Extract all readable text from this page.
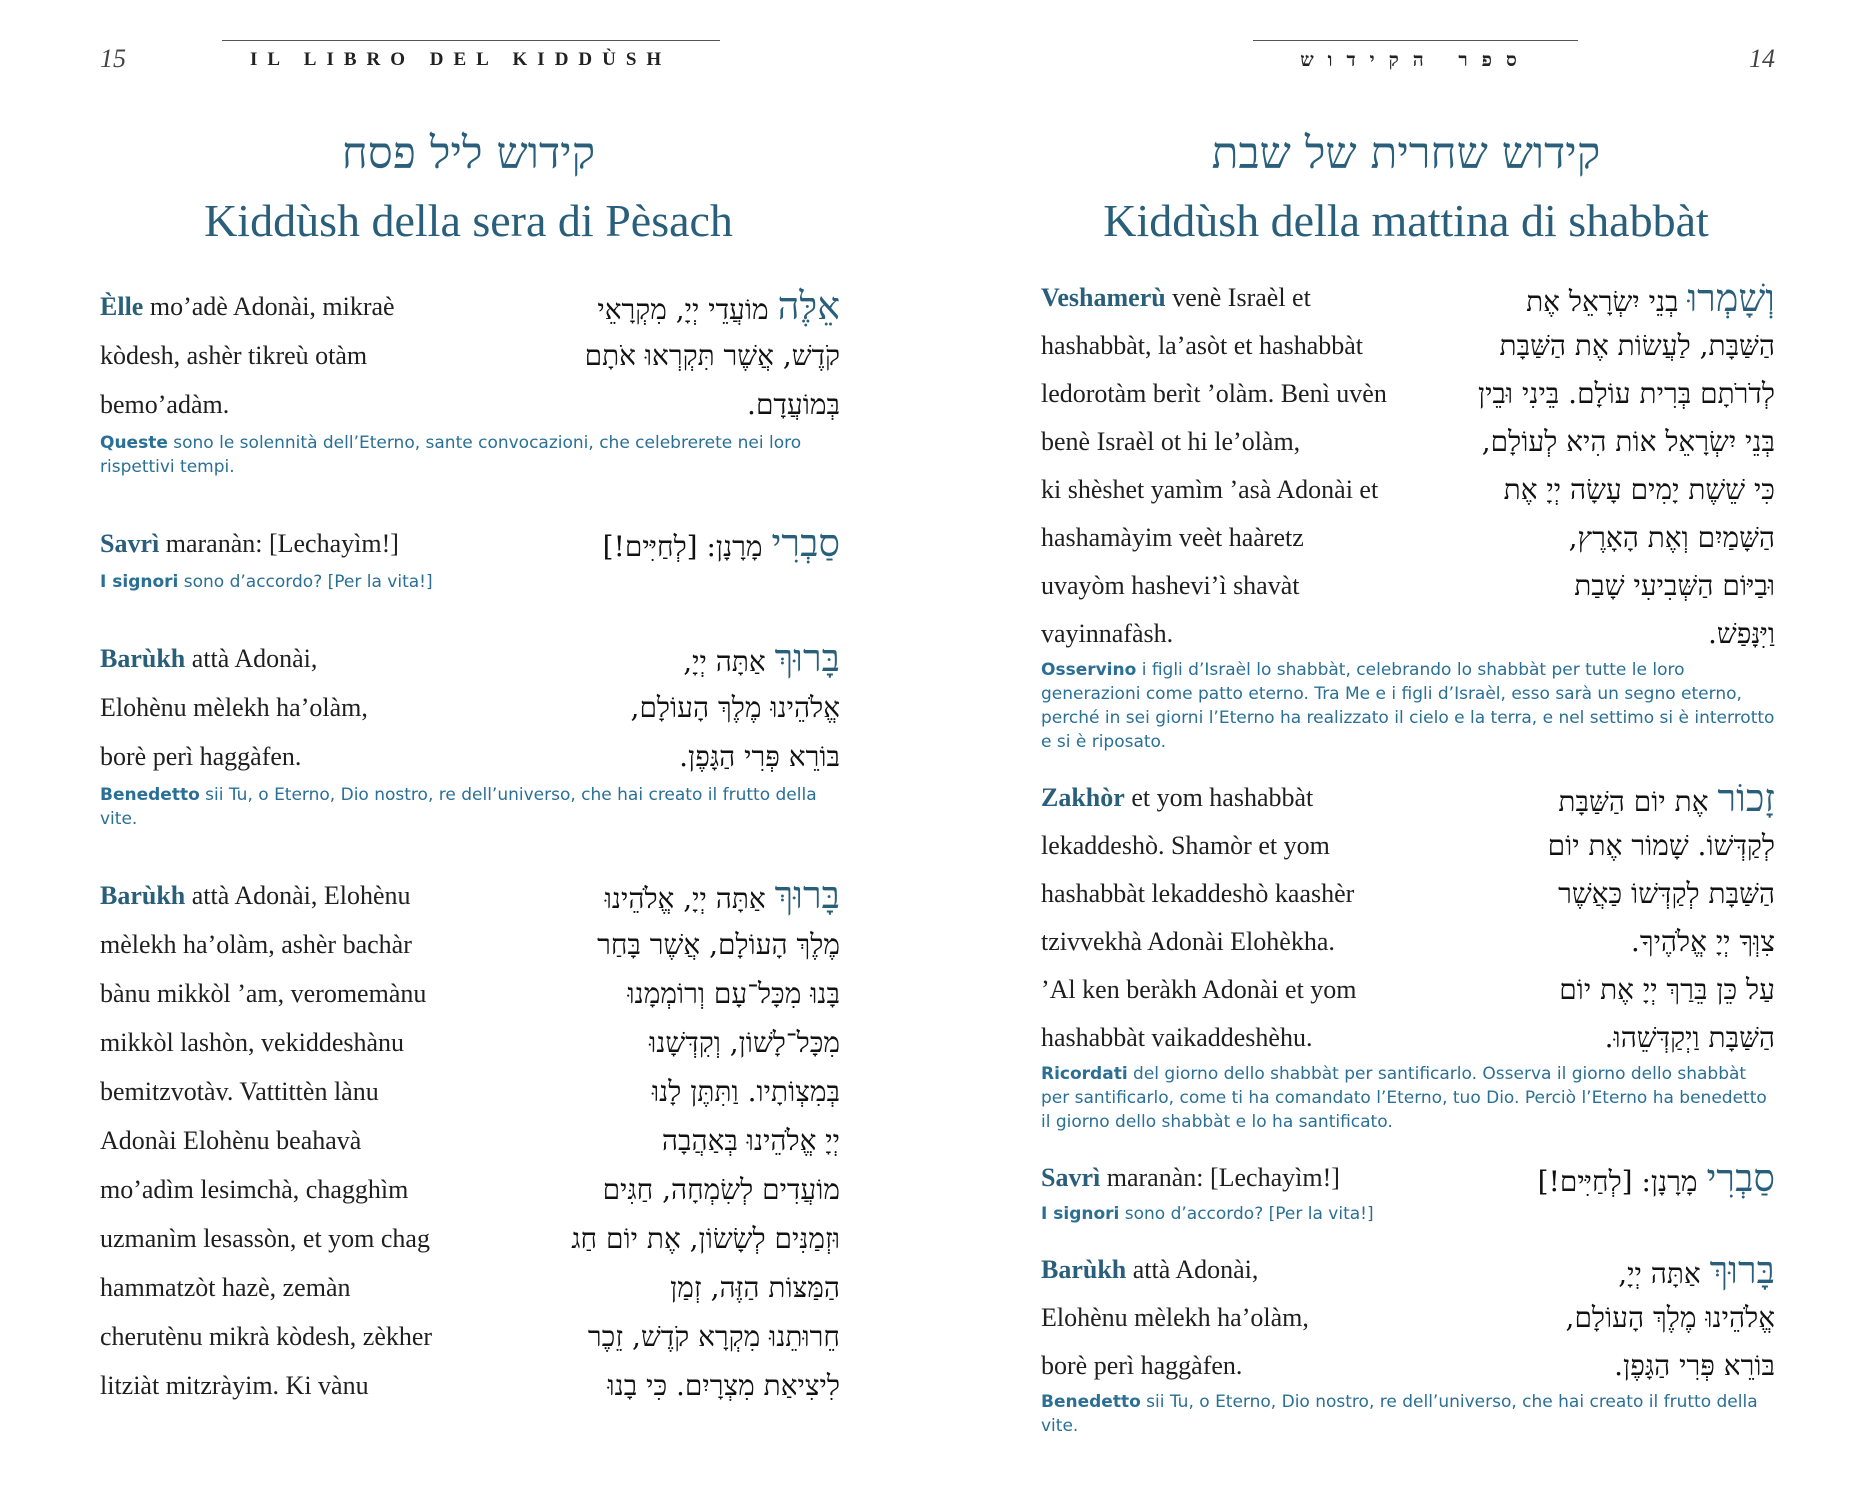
15	IL LIBRO DEL KIDDÙSH
קידוש ליל פסח
Kiddùsh della sera di Pèsach
Èlle mo’adè Adonài, mikraè	אֵלֶּה מוֹעֲדֵי יְיָ, מִקְרָאֵי
kòdesh, ashèr tikreù otàm	קֹדֶשׁ, אֲשֶׁר תִּקְרְאוּ אֹתָם
bemo’adàm.	בְּמוֹעֲדָם.
Queste sono le solennità dell’Eterno, sante convocazioni, che celebrerete nei loro rispettivi tempi.
Savrì maranàn: [Lechayìm!]	סַבְרִי מָרָנָן: [לְחַיִּים!]
I signori sono d’accordo? [Per la vita!]
Barùkh attà Adonài,	בָּרוּךְ אַתָּה יְיָ,
Elohènu mèlekh ha’olàm,	אֱלֹהֵינוּ מֶלֶךְ הָעוֹלָם,
borè perì haggàfen.	בּוֹרֵא פְּרִי הַגָּפֶן.
Benedetto sii Tu, o Eterno, Dio nostro, re dell’universo, che hai creato il frutto della vite.
Barùkh attà Adonài, Elohènu	בָּרוּךְ אַתָּה יְיָ, אֱלֹהֵינוּ
mèlekh ha’olàm, ashèr bachàr	מֶלֶךְ הָעוֹלָם, אֲשֶׁר בָּחַר
bànu mikkòl ’am, veromemànu	בָּנוּ מִכָּל־עָם וְרוֹמְמָנוּ
mikkòl lashòn, vekiddeshànu	מִכָּל־לָשׁוֹן, וְקִדְּשָׁנוּ
bemitzvotàv. Vattittèn lànu	בְּמִצְוֹתָיו. וַתִּתֶּן לָנוּ
Adonài Elohènu beahavà	יְיָ אֱלֹהֵינוּ בְּאַהֲבָה
mo’adìm lesimchà, chagghìm	מוֹעֲדִים לְשִׂמְחָה, חַגִּים
uzmanìm lesassòn, et yom chag	וּזְמַנִּים לְשָׂשׂוֹן, אֶת יוֹם חַג
hammatzòt hazè, zemàn	הַמַּצּוֹת הַזֶּה, זְמַן
cherutènu mikrà kòdesh, zèkher	חֵרוּתֵנוּ מִקְרָא קֹדֶשׁ, זֵכֶר
litziàt mitzràyim. Ki vànu	לִיצִיאַת מִצְרָיִם. כִּי בָנוּ
14
ספר הקידוש
קידוש שחרית של שבת
Kiddùsh della mattina di shabbàt
Veshamerù venè Israèl et	וְשָׁמְרוּ בְנֵי יִשְׂרָאֵל אֶת
hashabbàt, la’asòt et hashabbàt	הַשַּׁבָּת, לַעֲשׂוֹת אֶת הַשַּׁבָּת
ledorotàm berìt ’olàm. Benì uvèn	לְדֹרֹתָם בְּרִית עוֹלָם. בֵּינִי וּבֵין
benè Israèl ot hi le’olàm,	בְּנֵי יִשְׂרָאֵל אוֹת הִיא לְעוֹלָם,
ki shèshet yamìm ’asà Adonài et	כִּי שֵׁשֶׁת יָמִים עָשָׂה יְיָ אֶת
hashamàyim veèt haàretz	הַשָּׁמַיִם וְאֶת הָאָרֶץ,
uvayòm hashevi’ì shavàt	וּבַיּוֹם הַשְּׁבִיעִי שָׁבַת
vayinnafàsh.	וַיִּנָּפַשׁ.
Osservino i figli d’Israèl lo shabbàt, celebrando lo shabbàt per tutte le loro generazioni come patto eterno. Tra Me e i figli d’Israèl, esso sarà un segno eterno, perché in sei giorni l’Eterno ha realizzato il cielo e la terra, e nel settimo si è interrotto e si è riposato.
Zakhòr et yom hashabbàt	זָכוֹר אֶת יוֹם הַשַּׁבָּת
lekaddeshò. Shamòr et yom	לְקַדְּשׁוֹ. שָׁמוֹר אֶת יוֹם
hashabbàt lekaddeshò kaashèr	הַשַּׁבָּת לְקַדְּשׁוֹ כַּאֲשֶׁר
tzivvekhà Adonài Elohèkha.	צִוְּךָ יְיָ אֱלֹהֶיךָ.
’Al ken beràkh Adonài et yom	עַל כֵּן בֵּרַךְ יְיָ אֶת יוֹם
hashabbàt vaikaddeshèhu.	הַשַּׁבָּת וַיְקַדְּשֵׁהוּ.
Ricordati del giorno dello shabbàt per santificarlo. Osserva il giorno dello shabbàt per santificarlo, come ti ha comandato l’Eterno, tuo Dio. Perciò l’Eterno ha benedetto il giorno dello shabbàt e lo ha santificato.
Savrì maranàn: [Lechayìm!]	סַבְרִי מָרָנָן: [לְחַיִּים!]
I signori sono d’accordo? [Per la vita!]
Barùkh attà Adonài,	בָּרוּךְ אַתָּה יְיָ,
Elohènu mèlekh ha’olàm,	אֱלֹהֵינוּ מֶלֶךְ הָעוֹלָם,
borè perì haggàfen.	בּוֹרֵא פְּרִי הַגָּפֶן.
Benedetto sii Tu, o Eterno, Dio nostro, re dell’universo, che hai creato il frutto della vite.
